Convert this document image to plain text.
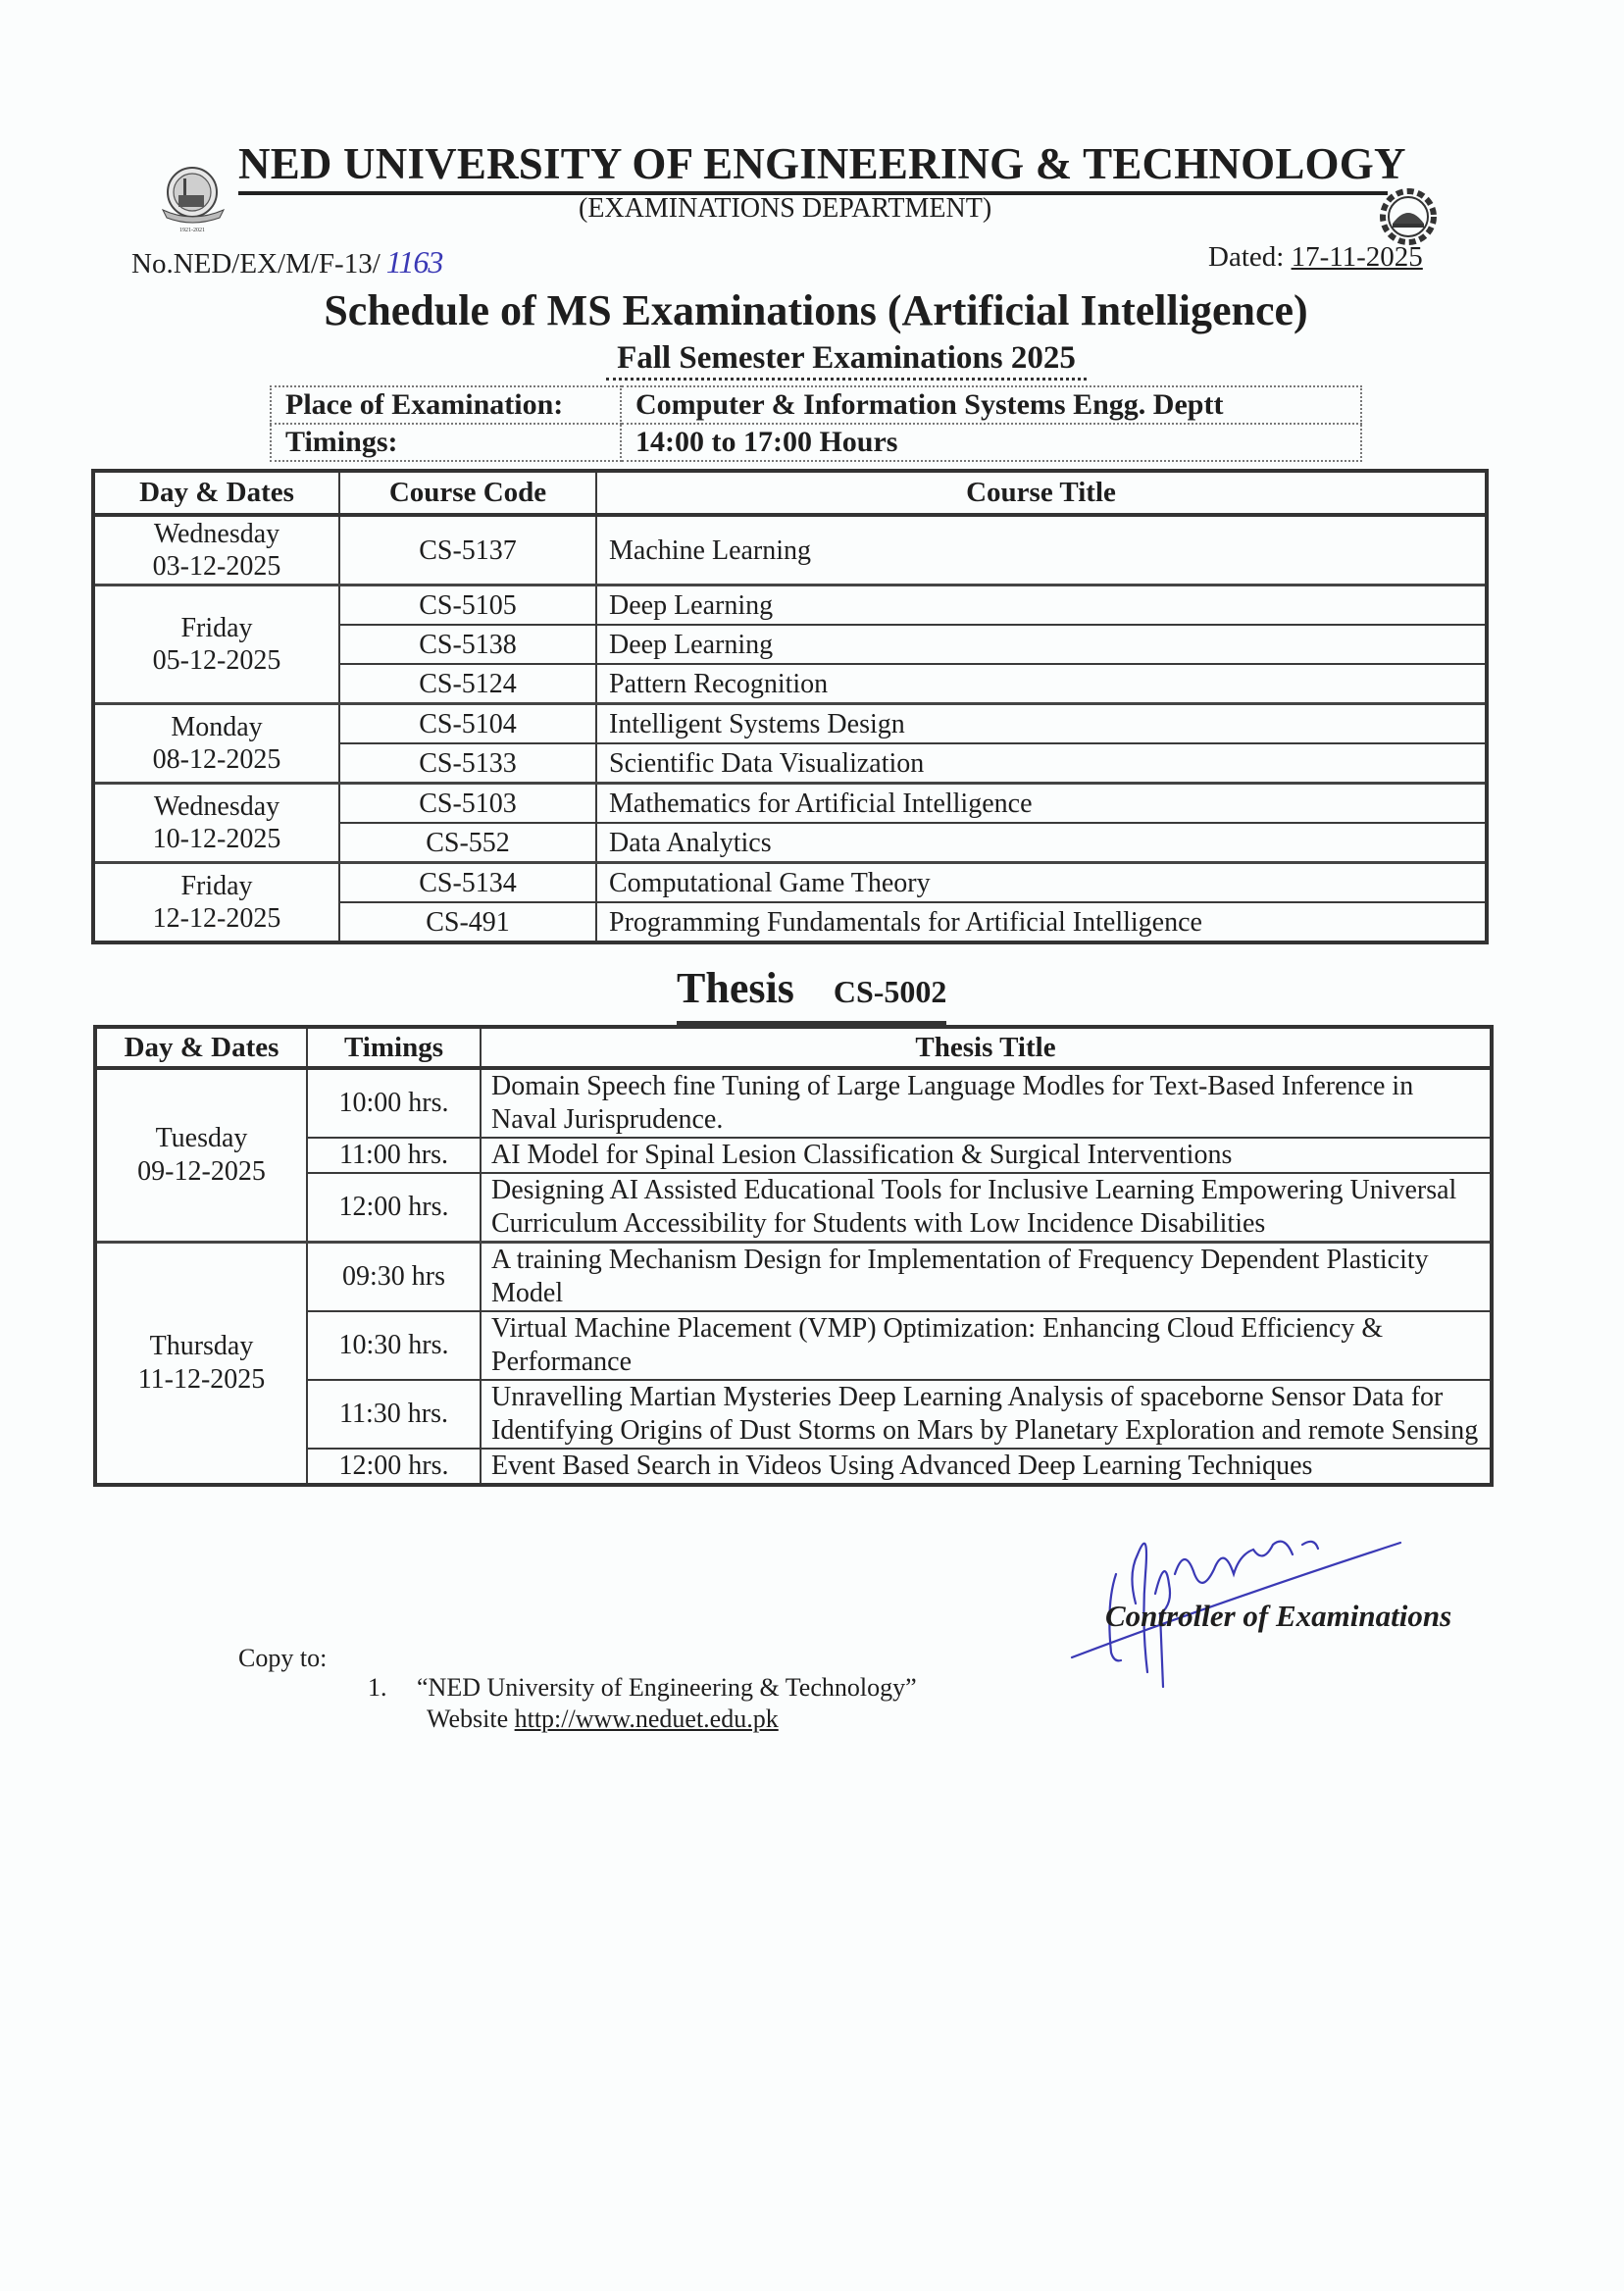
1921-2021
NED UNIVERSITY OF ENGINEERING & TECHNOLOGY
(EXAMINATIONS DEPARTMENT)
No.NED/EX/M/F-13/ 1163	Dated: 17-11-2025
Schedule of MS Examinations (Artificial Intelligence)
Fall Semester Examinations 2025
Place of Examination:	Computer & Information Systems Engg. Deptt
Timings:	14:00 to 17:00 Hours
Day & Dates	Course Code	Course Title

Wednesday
03-12-2025	CS-5137	Machine Learning

Friday
05-12-2025	CS-5105	Deep Learning
	CS-5138	Deep Learning
	CS-5124	Pattern Recognition

Monday
08-12-2025	CS-5104	Intelligent Systems Design
	CS-5133	Scientific Data Visualization

Wednesday
10-12-2025	CS-5103	Mathematics for Artificial Intelligence
	CS-552	Data Analytics

Friday
12-12-2025	CS-5134	Computational Game Theory
	CS-491	Programming Fundamentals for Artificial Intelligence
Thesis CS-5002
Day & Dates	Timings	Thesis Title

Tuesday
09-12-2025	10:00 hrs.	Domain Speech fine Tuning of Large Language Modles for Text-Based Inference in Naval Jurisprudence.
	11:00 hrs.	AI Model for Spinal Lesion Classification & Surgical Interventions
	12:00 hrs.	Designing AI Assisted Educational Tools for Inclusive Learning Empowering Universal Curriculum Accessibility for Students with Low Incidence Disabilities

Thursday
11-12-2025	09:30 hrs	A training Mechanism Design for Implementation of Frequency Dependent Plasticity Model
	10:30 hrs.	Virtual Machine Placement (VMP) Optimization: Enhancing Cloud Efficiency & Performance
	11:30 hrs.	Unravelling Martian Mysteries Deep Learning Analysis of spaceborne Sensor Data for Identifying Origins of Dust Storms on Mars by Planetary Exploration and remote Sensing
	12:00 hrs.	Event Based Search in Videos Using Advanced Deep Learning Techniques
Controller of Examinations
Copy to:
1. “NED University of Engineering & Technology”
Website http://www.neduet.edu.pk
